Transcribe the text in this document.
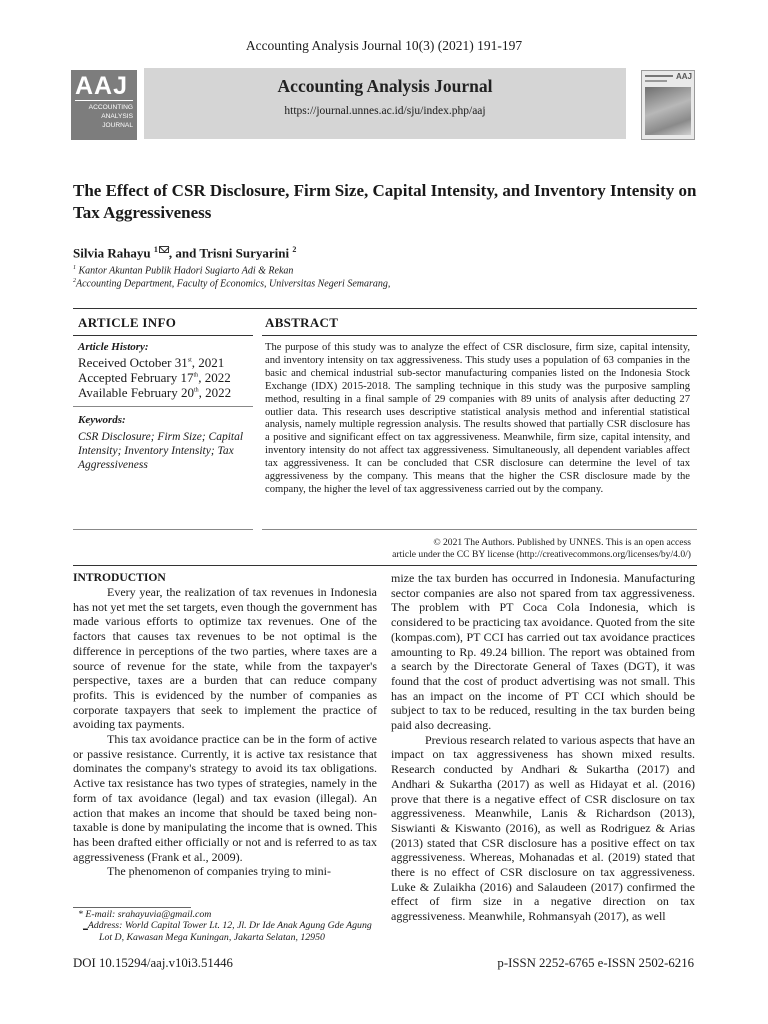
Accounting Analysis Journal 10(3) (2021) 191-197
AAJ
ACCOUNTING
ANALYSIS
JOURNAL
Accounting Analysis Journal
https://journal.unnes.ac.id/sju/index.php/aaj
AAJ
The Effect of CSR Disclosure, Firm Size, Capital Intensity, and Inventory Intensity on Tax Aggressiveness
Silvia Rahayu $^1$ , and Trisni Suryarini $^2$
$^1$ Kantor Akuntan Publik Hadori Sugiarto Adi & Rekan
$^2$Accounting Department, Faculty of Economics, Universitas Negeri Semarang,
ARTICLE INFO	ABSTRACT
Article History:
Received October 31st, 2021
Accepted February 17th, 2022
Available February 20th, 2022
Keywords:
CSR Disclosure; Firm Size; Capital Intensity; Inventory Intensity; Tax Aggressiveness
The purpose of this study was to analyze the effect of CSR disclosure, firm size, capital intensity, and inventory intensity on tax aggressiveness. This study uses a population of 63 companies in the basic and chemical industrial sub-sector manufacturing companies listed on the Indonesia Stock Exchange (IDX) 2015-2018. The sampling technique in this study was the purposive sampling method, resulting in a final sample of 29 companies with 89 units of analysis after deducting 27 outlier data. This research uses descriptive statistical analysis method and inferential statistical analysis, namely multiple regression analysis. The results showed that partially CSR disclosure has a positive and significant effect on tax aggressiveness. Meanwhile, firm size, capital intensity, and inventory intensity do not affect tax aggressiveness. Simultaneously, all dependent variables affect tax aggressiveness. It can be concluded that CSR disclosure can determine the level of tax aggressiveness by the company. This means that the higher the CSR disclosure made by the company, the higher the level of tax aggressiveness carried out by the company.
© 2021 The Authors. Published by UNNES. This is an open access
article under the CC BY license (http://creativecommons.org/licenses/by/4.0/)
INTRODUCTION

Every year, the realization of tax revenues in Indonesia has not yet met the set targets, even though the government has made various efforts to optimize tax revenues. One of the factors that causes tax revenues to be not optimal is the difference in perceptions of the two parties, where taxes are a source of revenue for the state, while from the taxpayer's perspective, taxes are a burden that can reduce company profits. This is evidenced by the number of companies as corporate taxpayers that seek to implement the practice of avoiding tax payments.

This tax avoidance practice can be in the form of active or passive resistance. Currently, it is active tax resistance that dominates the company's strategy to avoid its tax obligations. Active tax resistance has two types of strategies, namely in the form of tax avoidance (legal) and tax evasion (illegal). An action that makes an income that should be taxed being non-taxable is done by manipulating the income that is owned. This has been drafted either officially or not and is referred to as tax aggressiveness (Frank et al., 2009).

The phenomenon of companies trying to mini-

mize the tax burden has occurred in Indonesia. Manufacturing sector companies are also not spared from tax aggressiveness. The problem with PT Coca Cola Indonesia, which is considered to be practicing tax avoidance. Quoted from the site (kompas.com), PT CCI has carried out tax avoidance practices amounting to Rp. 49.24 billion. The report was obtained from a search by the Directorate General of Taxes (DGT), it was found that the cost of product advertising was not small. This has an impact on the income of PT CCI which should be subject to tax to be reduced, resulting in the tax burden being paid also decreasing.

Previous research related to various aspects that have an impact on tax aggressiveness has shown mixed results. Research conducted by Andhari & Sukartha (2017) and Andhari & Sukartha (2017) as well as Hidayat et al. (2016) prove that there is a negative effect of CSR disclosure on tax aggressiveness. Meanwhile, Lanis & Richardson (2013), Siswianti & Kiswanto (2016), as well as Rodriguez & Arias (2013) stated that CSR disclosure has a positive effect on tax aggressiveness. Whereas, Mohanadas et al. (2019) stated that there is no effect of CSR disclosure on tax aggressiveness. Luke & Zulaikha (2016) and Salaudeen (2017) confirmed the effect of firm size in a negative direction on tax aggressiveness. Meanwhile, Rohmansyah (2017), as well

* E-mail: srahayuvia@gmail.com
_Address: World Capital Tower Lt. 12, Jl. Dr Ide Anak Agung Gde Agung Lot D, Kawasan Mega Kuningan, Jakarta Selatan, 12950
DOI 10.15294/aaj.v10i3.51446	p-ISSN 2252-6765 e-ISSN 2502-6216
